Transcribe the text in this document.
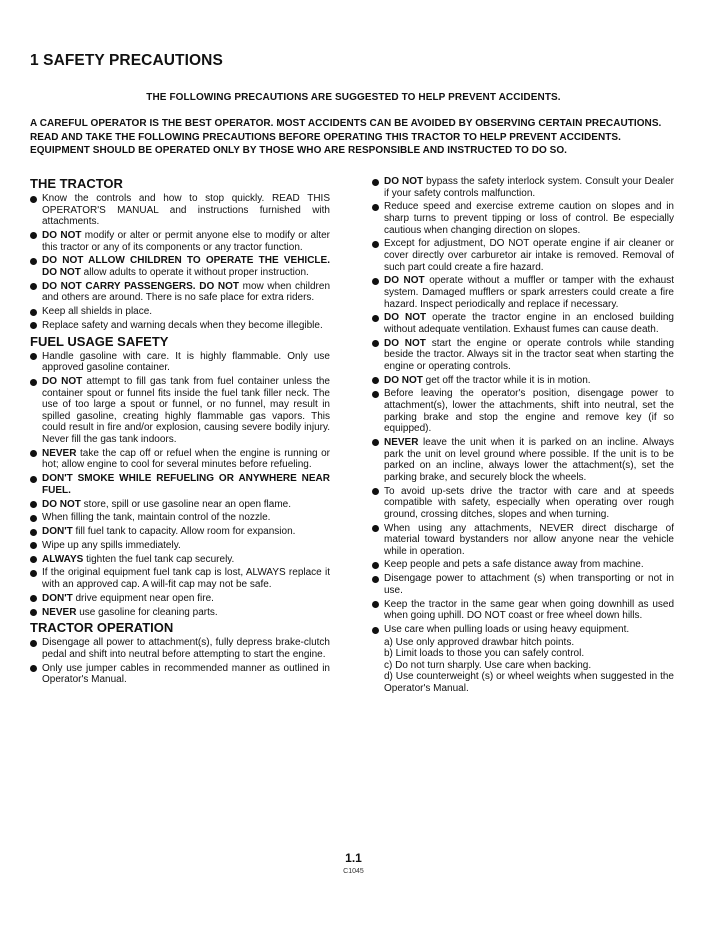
1 SAFETY PRECAUTIONS
THE FOLLOWING PRECAUTIONS ARE SUGGESTED TO HELP PREVENT ACCIDENTS.
A CAREFUL OPERATOR IS THE BEST OPERATOR. MOST ACCIDENTS CAN BE AVOIDED BY OBSERVING CERTAIN PRECAUTIONS. READ AND TAKE THE FOLLOWING PRECAUTIONS BEFORE OPERATING THIS TRACTOR TO HELP PREVENT ACCIDENTS. EQUIPMENT SHOULD BE OPERATED ONLY BY THOSE WHO ARE RESPONSIBLE AND INSTRUCTED TO DO SO.
THE TRACTOR
Know the controls and how to stop quickly. READ THIS OPERATOR'S MANUAL and instructions furnished with attachments.
DO NOT modify or alter or permit anyone else to modify or alter this tractor or any of its components or any tractor function.
DO NOT ALLOW CHILDREN TO OPERATE THE VEHICLE. DO NOT allow adults to operate it without proper instruction.
DO NOT CARRY PASSENGERS. DO NOT mow when children and others are around. There is no safe place for extra riders.
Keep all shields in place.
Replace safety and warning decals when they become illegible.
FUEL USAGE SAFETY
Handle gasoline with care. It is highly flammable. Only use approved gasoline container.
DO NOT attempt to fill gas tank from fuel container unless the container spout or funnel fits inside the fuel tank filler neck. The use of too large a spout or funnel, or no funnel, may result in spilled gasoline, creating highly flammable gas vapors. This could result in fire and/or explosion, causing severe bodily injury. Never fill the gas tank indoors.
NEVER take the cap off or refuel when the engine is running or hot; allow engine to cool for several minutes before refueling.
DON'T SMOKE WHILE REFUELING OR ANYWHERE NEAR FUEL.
DO NOT store, spill or use gasoline near an open flame.
When filling the tank, maintain control of the nozzle.
DON'T fill fuel tank to capacity. Allow room for expansion.
Wipe up any spills immediately.
ALWAYS tighten the fuel tank cap securely.
If the original equipment fuel tank cap is lost, ALWAYS replace it with an approved cap. A will-fit cap may not be safe.
DON'T drive equipment near open fire.
NEVER use gasoline for cleaning parts.
TRACTOR OPERATION
Disengage all power to attachment(s), fully depress brake-clutch pedal and shift into neutral before attempting to start the engine.
Only use jumper cables in recommended manner as outlined in Operator's Manual.
DO NOT bypass the safety interlock system. Consult your Dealer if your safety controls malfunction.
Reduce speed and exercise extreme caution on slopes and in sharp turns to prevent tipping or loss of control. Be especially cautious when changing direction on slopes.
Except for adjustment, DO NOT operate engine if air cleaner or cover directly over carburetor air intake is removed. Removal of such part could create a fire hazard.
DO NOT operate without a muffler or tamper with the exhaust system. Damaged mufflers or spark arresters could create a fire hazard. Inspect periodically and replace if necessary.
DO NOT operate the tractor engine in an enclosed building without adequate ventilation. Exhaust fumes can cause death.
DO NOT start the engine or operate controls while standing beside the tractor. Always sit in the tractor seat when starting the engine or operating controls.
DO NOT get off the tractor while it is in motion.
Before leaving the operator's position, disengage power to attachment(s), lower the attachments, shift into neutral, set the parking brake and stop the engine and remove key (if so equipped).
NEVER leave the unit when it is parked on an incline. Always park the unit on level ground where possible. If the unit is to be parked on an incline, always lower the attachment(s), set the parking brake, and securely block the wheels.
To avoid up-sets drive the tractor with care and at speeds compatible with safety, especially when operating over rough ground, crossing ditches, slopes and when turning.
When using any attachments, NEVER direct discharge of material toward bystanders nor allow anyone near the vehicle while in operation.
Keep people and pets a safe distance away from machine.
Disengage power to attachment (s) when transporting or not in use.
Keep the tractor in the same gear when going downhill as used when going uphill. DO NOT coast or free wheel down hills.
Use care when pulling loads or using heavy equipment.
a) Use only approved drawbar hitch points.
b) Limit loads to those you can safely control.
c) Do not turn sharply. Use care when backing.
d) Use counterweight (s) or wheel weights when suggested in the Operator's Manual.
1.1
C1045
